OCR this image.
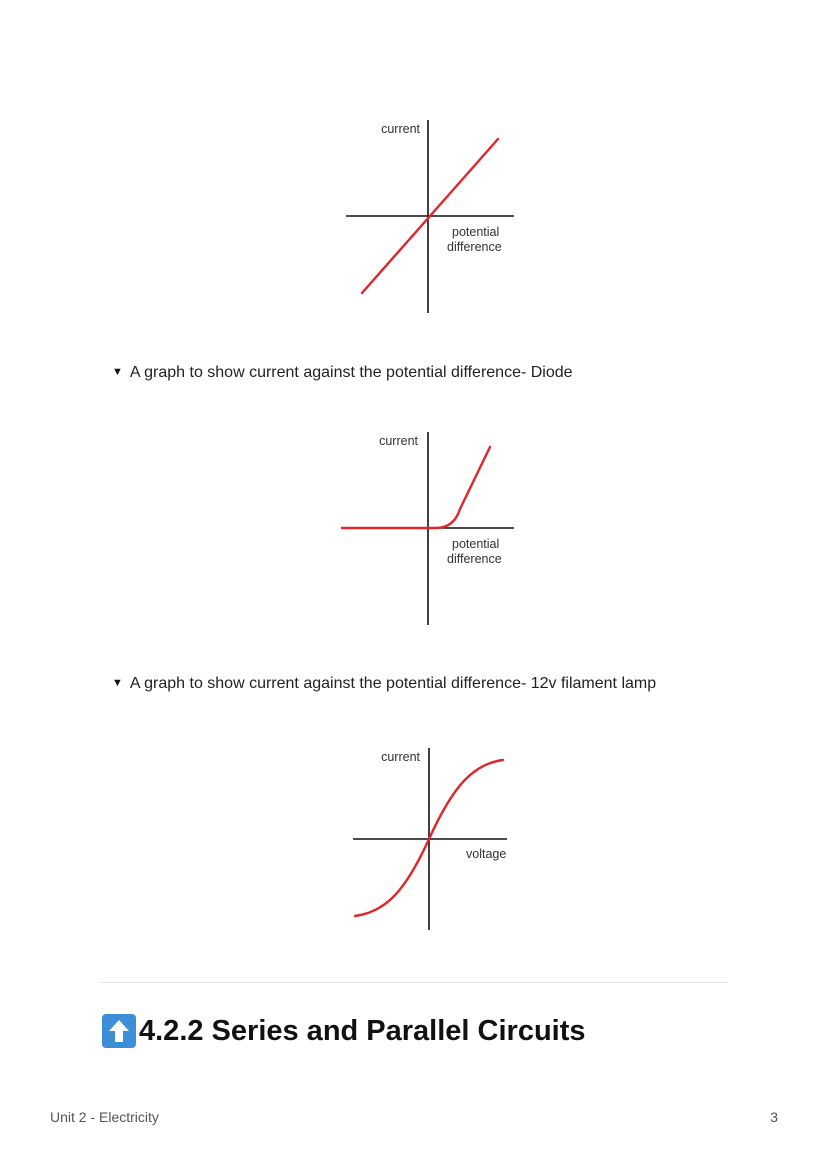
current
potential
difference
▼ A graph to show current against the potential difference- Diode
current
potential
difference
▼ A graph to show current against the potential difference- 12v filament lamp
current
voltage
4.2.2 Series and Parallel Circuits
Unit 2 - Electricity	3
